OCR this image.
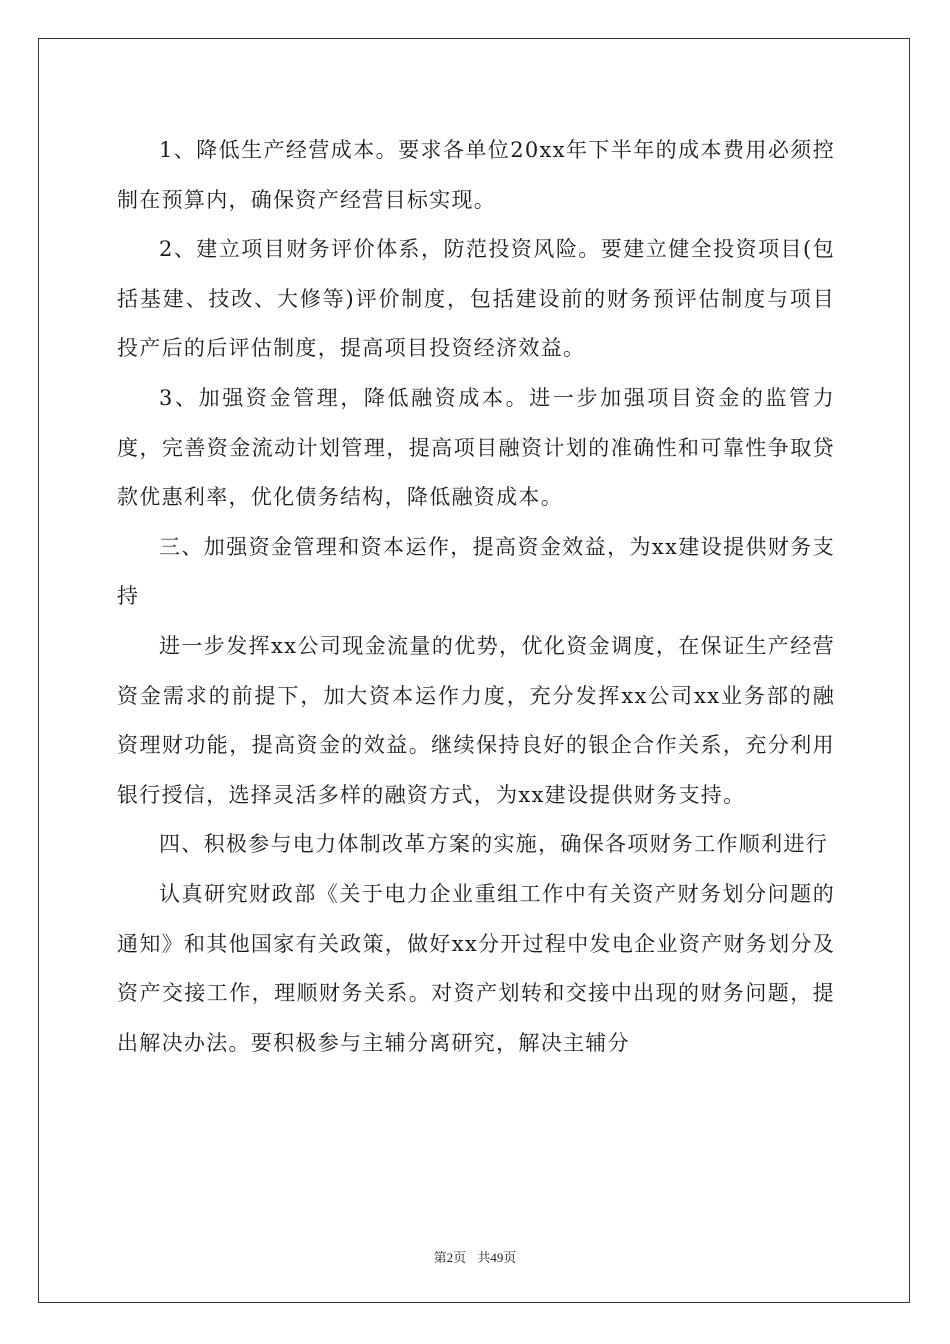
1、降低生产经营成本。要求各单位20xx年下半年的成本费用必须控制在预算内，确保资产经营目标实现。

2、建立项目财务评价体系，防范投资风险。要建立健全投资项目(包括基建、技改、大修等)评价制度，包括建设前的财务预评估制度与项目投产后的后评估制度，提高项目投资经济效益。

3、加强资金管理，降低融资成本。进一步加强项目资金的监管力度，完善资金流动计划管理，提高项目融资计划的准确性和可靠性争取贷款优惠利率，优化债务结构，降低融资成本。

三、加强资金管理和资本运作，提高资金效益，为xx建设提供财务支持

进一步发挥xx公司现金流量的优势，优化资金调度，在保证生产经营资金需求的前提下，加大资本运作力度，充分发挥xx公司xx业务部的融资理财功能，提高资金的效益。继续保持良好的银企合作关系，充分利用银行授信，选择灵活多样的融资方式，为xx建设提供财务支持。

四、积极参与电力体制改革方案的实施，确保各项财务工作顺利进行

认真研究财政部《关于电力企业重组工作中有关资产财务划分问题的通知》和其他国家有关政策，做好xx分开过程中发电企业资产财务划分及资产交接工作，理顺财务关系。对资产划转和交接中出现的财务问题，提出解决办法。要积极参与主辅分离研究，解决主辅分

第2页 共49页
